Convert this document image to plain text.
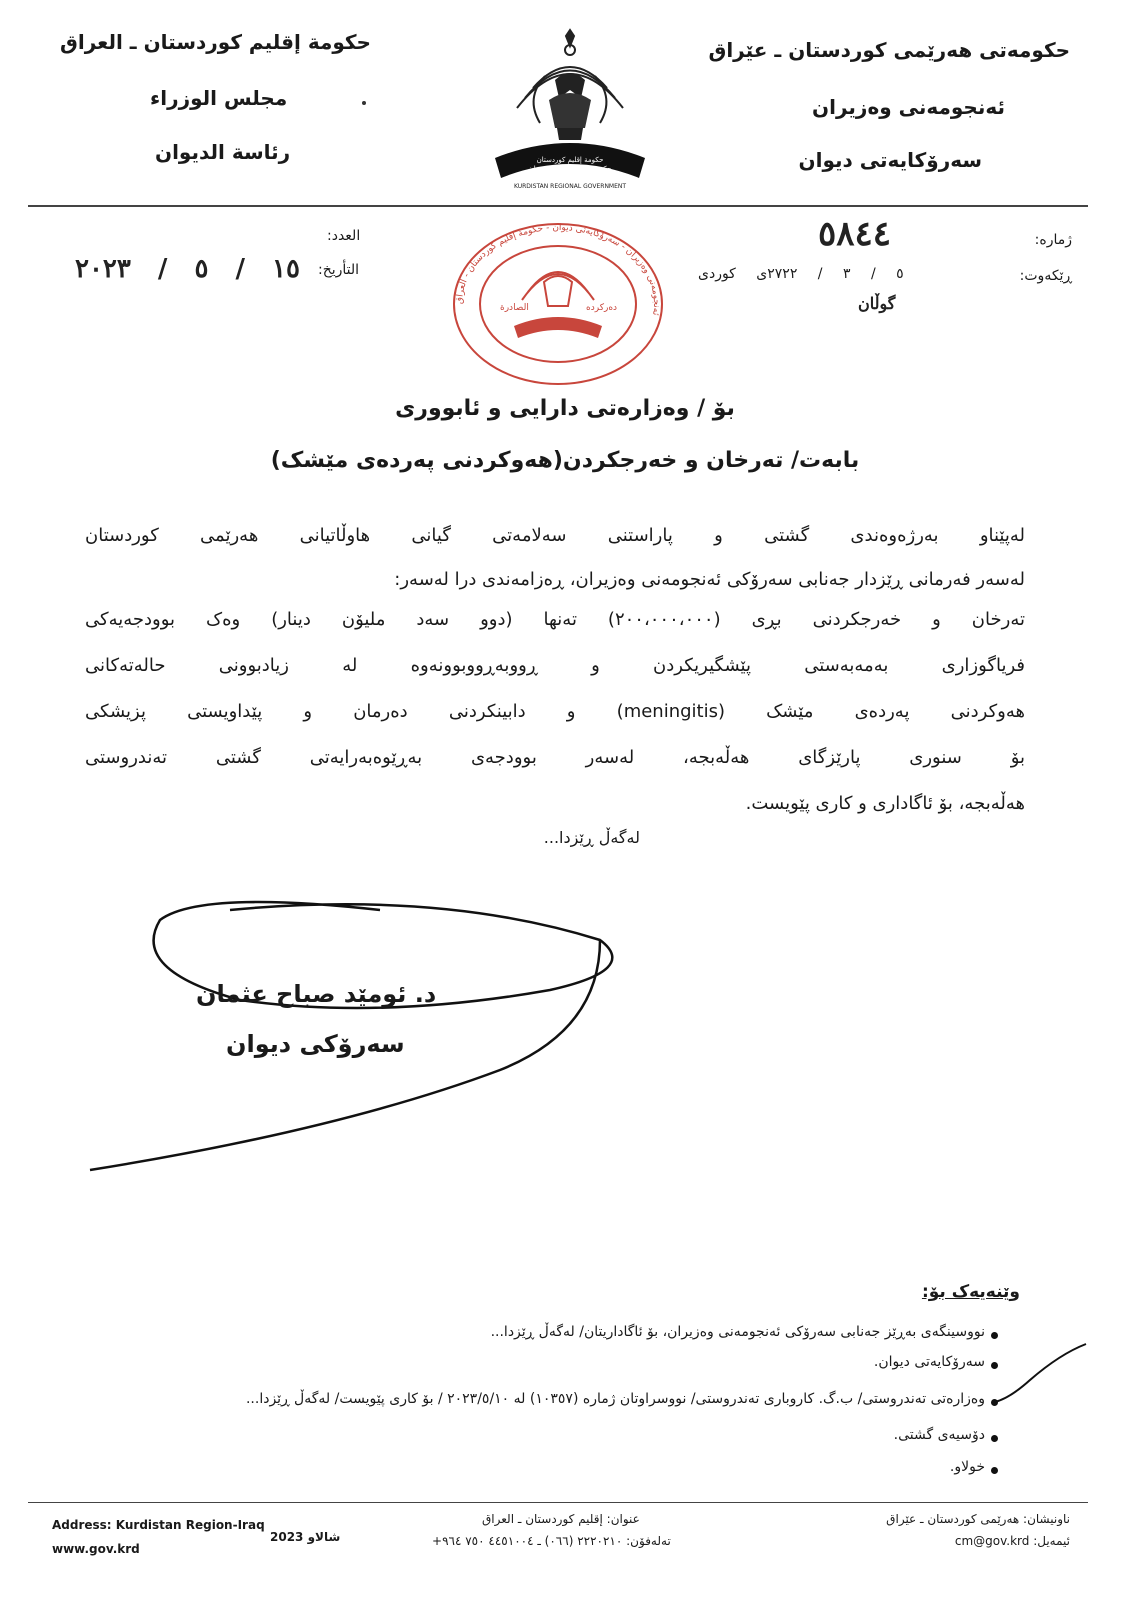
حکومەتی هەرێمی کوردستان ـ عێراق
ئەنجومەنی وەزیران
سەرۆکایەتی دیوان
حكومة إقليم كوردستان ـ العراق
مجلس الوزراء
رئاسة الديوان
KURDISTAN REGIONAL GOVERNMENT
حكومة إقليم كوردستان
حکومەتی هەرێمی کوردستان
ژمارە:
٥٨٤٤
ڕێکەوت:
٥ / ٣ / ٢٧٢٢ی کوردی
گوڵان
العدد:
التأريخ:
١٥ / ٥ / ٢٠٢٣
ئەنجومەنی وەزیران - سەرۆکایەتی دیوان - حكومة إقليم كوردستان - العراق
الصادرة	دەرکردە
بۆ / وەزارەتی دارایی و ئابووری
بابەت/ تەرخان و خەرجکردن(هەوکردنی پەردەی مێشک)
لەپێناو بەرژەوەندی گشتی و پاراستنی سەلامەتی گیانی هاوڵاتیانی هەرێمی کوردستان
لەسەر فەرمانی ڕێزدار جەنابی سەرۆکی ئەنجومەنی وەزیران، ڕەزامەندی درا لەسەر:
تەرخان و خەرجکردنی بڕی (٢٠٠،٠٠٠،٠٠٠) تەنها (دوو سەد ملیۆن دینار) وەک بوودجەیەکی
فریاگوزاری بەمەبەستی پێشگیریکردن و ڕووبەڕووبوونەوە لە زیادبوونی حالەتەکانی
هەوکردنی پەردەی مێشک (meningitis) و دابینکردنی دەرمان و پێداویستی پزیشکی
بۆ سنوری پارێزگای هەڵەبجە، لەسەر بوودجەی بەڕێوەبەرایەتی گشتی تەندروستی
هەڵەبجە، بۆ ئاگاداری و کاری پێویست.
لەگەڵ ڕێزدا...
د. ئومێد صباح عثمان
سەرۆکی دیوان
وێنەیەک بۆ:
نووسینگەی بەڕێز جەنابی سەرۆکی ئەنجومەنی وەزیران، بۆ ئاگاداریتان/ لەگەڵ ڕێزدا...
سەرۆکایەتی دیوان.
وەزارەتی تەندروستی/ ب.گ. کاروباری تەندروستی/ نووسراوتان ژمارە (١٠٣٥٧) لە ٢٠٢٣/٥/١٠ / بۆ کاری پێویست/ لەگەڵ ڕێزدا...
دۆسیەی گشتی.
خولاو.
Address: Kurdistan Region-Iraq
www.gov.krd
شالاو 2023
عنوان: إقليم كوردستان ـ العراق
تەلەفۆن: ٢٢٢٠٢١٠ (٠٦٦) ـ ٤٤٥١٠٠٤ ٧٥٠ ٩٦٤+
ناونیشان: هەرێمی کوردستان ـ عێراق
ئیمەیل: cm@gov.krd
